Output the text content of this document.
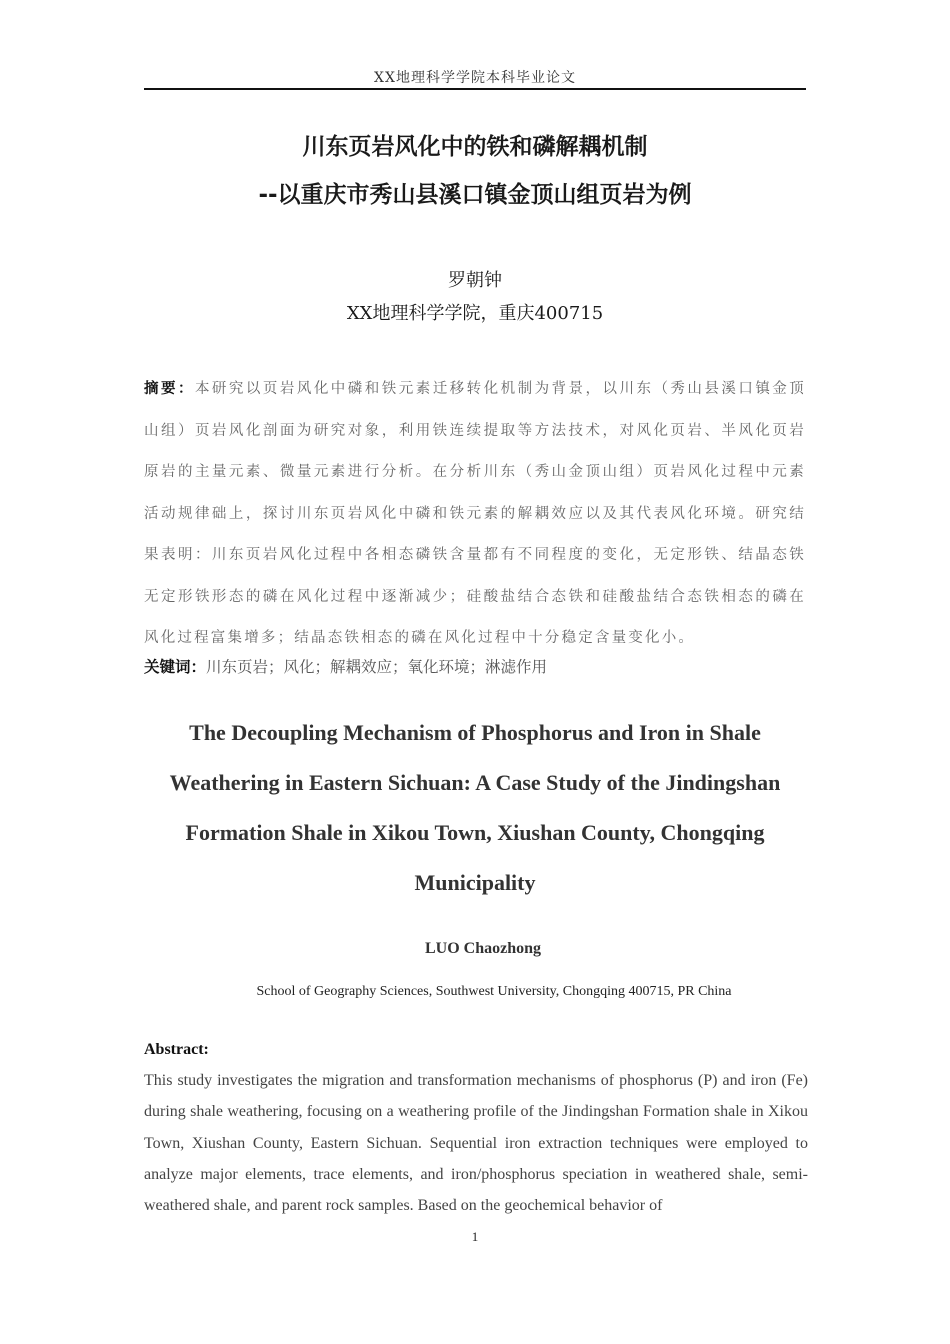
XX地理科学学院本科毕业论文
川东页岩风化中的铁和磷解耦机制
--以重庆市秀山县溪口镇金顶山组页岩为例
罗朝钟
XX地理科学学院，重庆400715
摘要：本研究以页岩风化中磷和铁元素迁移转化机制为背景，以川东（秀山县溪口镇金顶山组）页岩风化剖面为研究对象，利用铁连续提取等方法技术，对风化页岩、半风化页岩原岩的主量元素、微量元素进行分析。在分析川东（秀山金顶山组）页岩风化过程中元素活动规律础上，探讨川东页岩风化中磷和铁元素的解耦效应以及其代表风化环境。研究结果表明：川东页岩风化过程中各相态磷铁含量都有不同程度的变化，无定形铁、结晶态铁无定形铁形态的磷在风化过程中逐渐减少；硅酸盐结合态铁和硅酸盐结合态铁相态的磷在风化过程富集增多；结晶态铁相态的磷在风化过程中十分稳定含量变化小。
关键词：川东页岩；风化；解耦效应；氧化环境；淋滤作用
The Decoupling Mechanism of Phosphorus and Iron in Shale Weathering in Eastern Sichuan: A Case Study of the Jindingshan Formation Shale in Xikou Town, Xiushan County, Chongqing Municipality
LUO Chaozhong
School of Geography Sciences, Southwest University, Chongqing 400715, PR China
Abstract:
This study investigates the migration and transformation mechanisms of phosphorus (P) and iron (Fe) during shale weathering, focusing on a weathering profile of the Jindingshan Formation shale in Xikou Town, Xiushan County, Eastern Sichuan. Sequential iron extraction techniques were employed to analyze major elements, trace elements, and iron/phosphorus speciation in weathered shale, semi-weathered shale, and parent rock samples. Based on the geochemical behavior of
1
